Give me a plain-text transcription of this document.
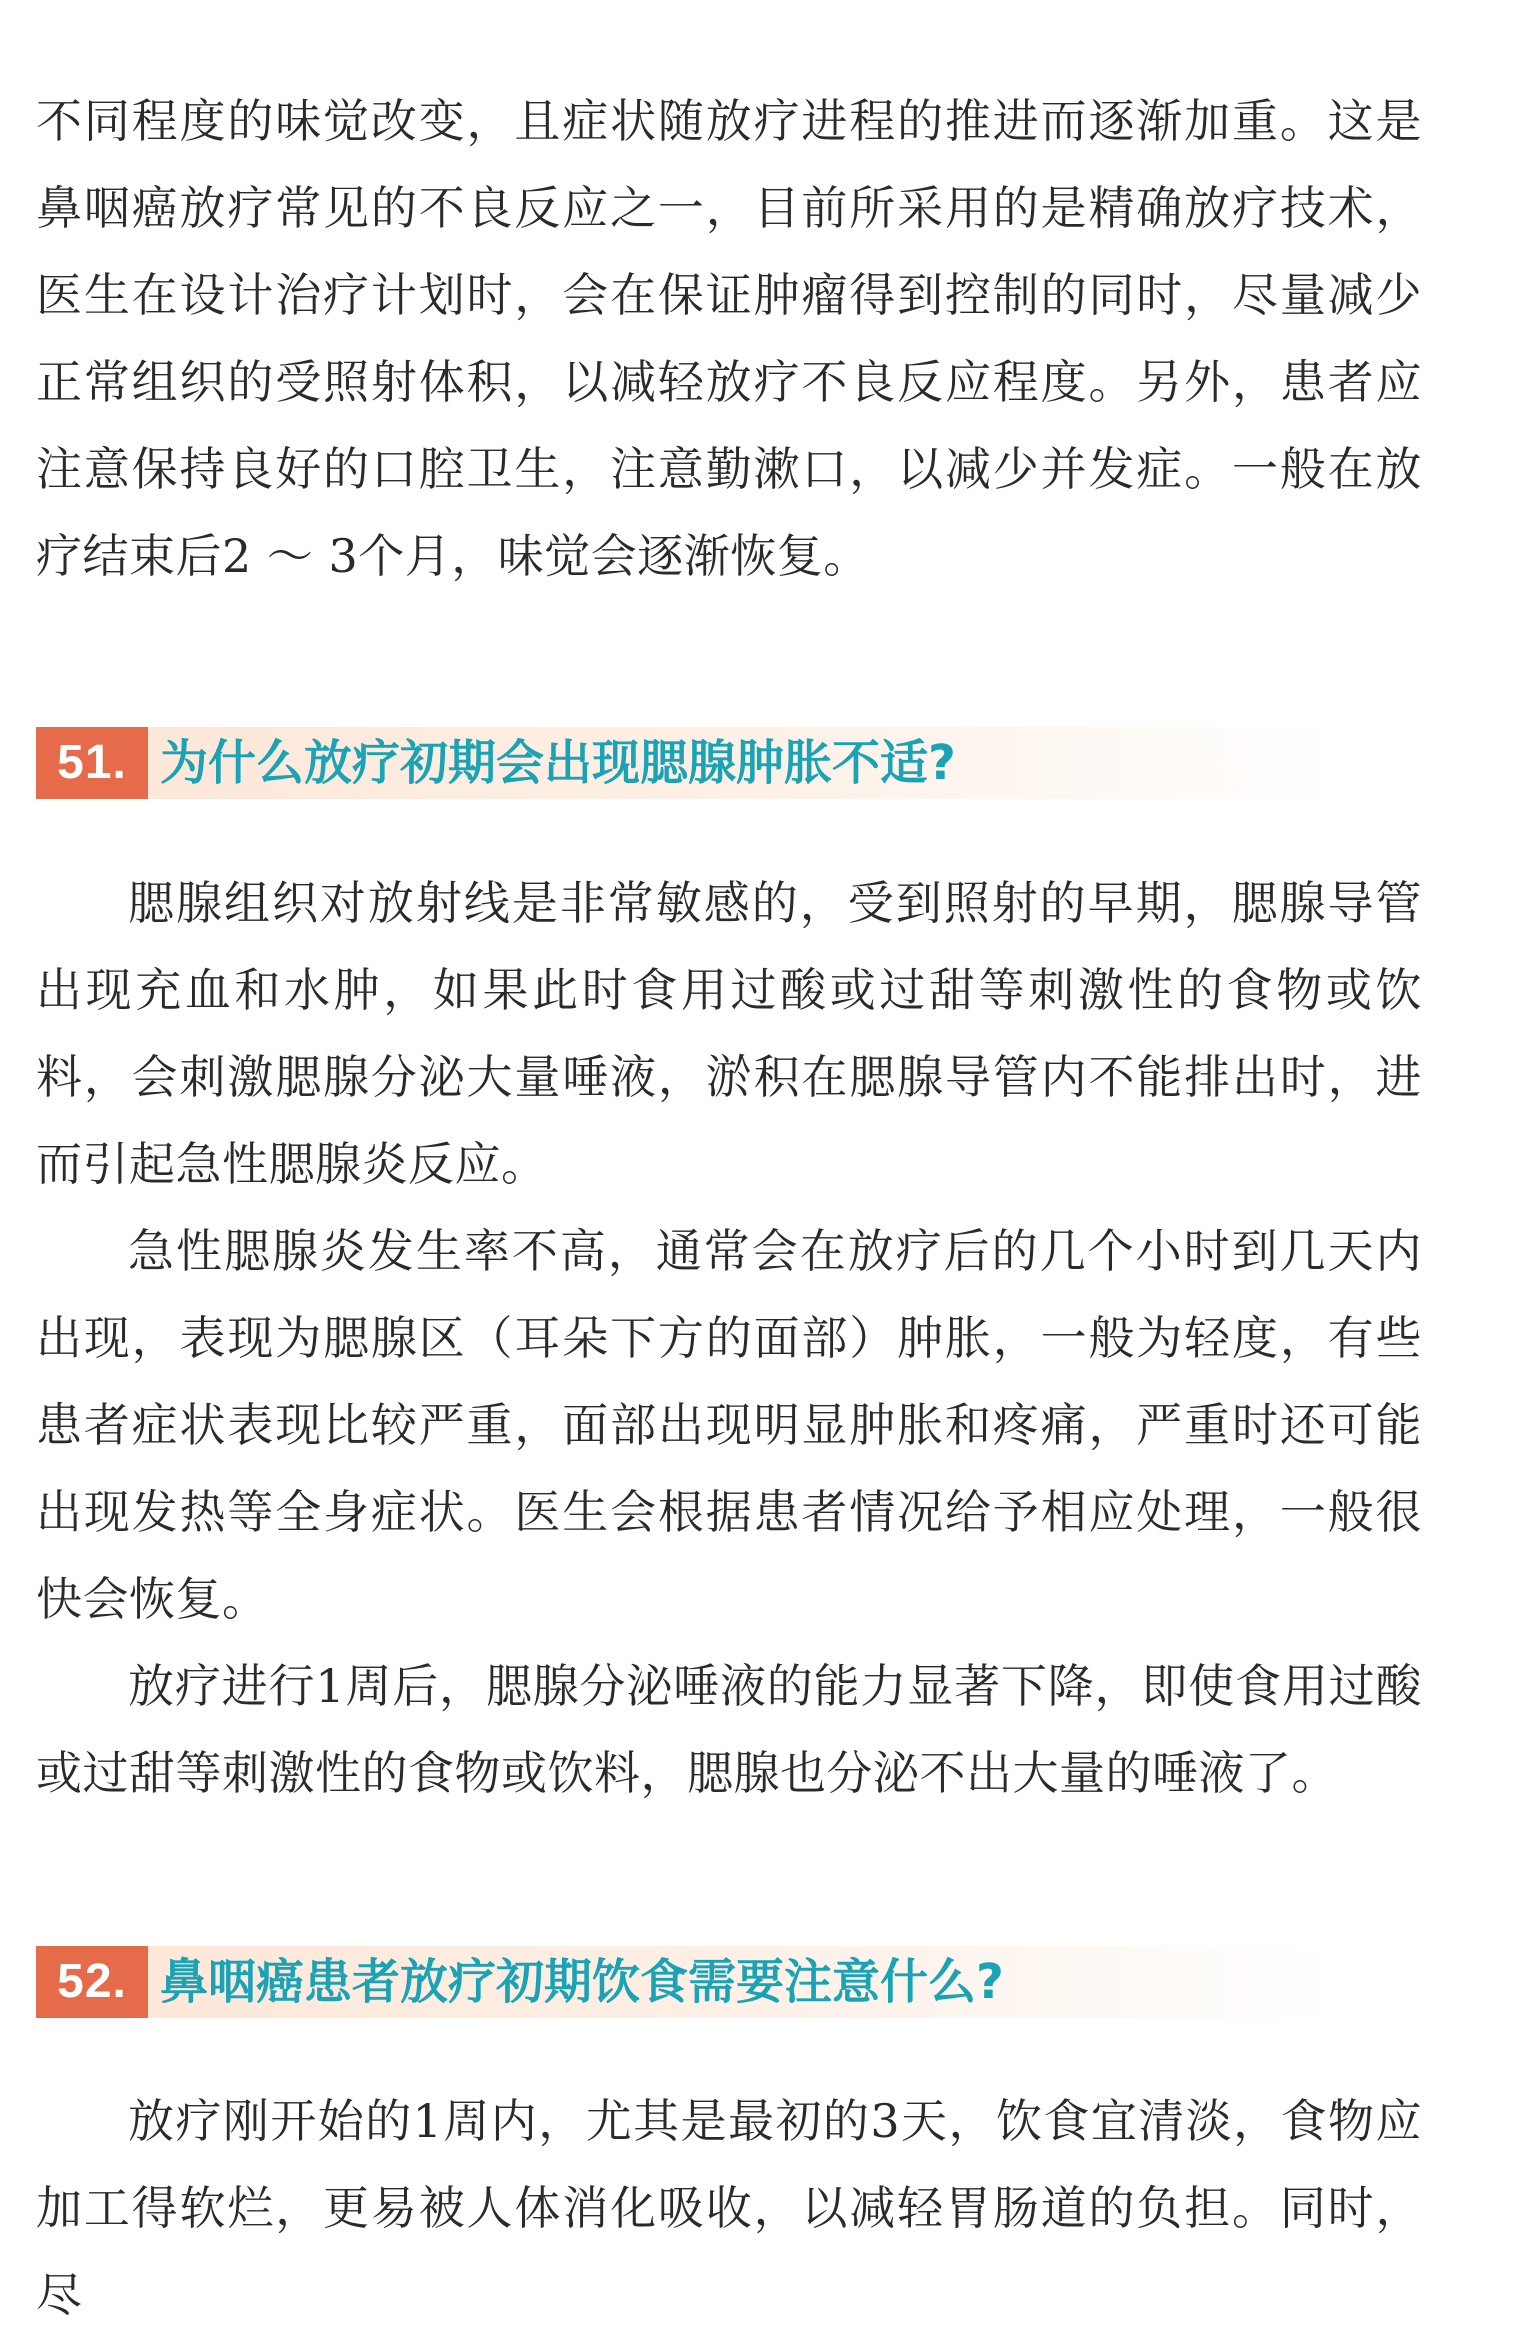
不同程度的味觉改变，且症状随放疗进程的推进而逐渐加重。这是鼻咽癌放疗常见的不良反应之一，目前所采用的是精确放疗技术，医生在设计治疗计划时，会在保证肿瘤得到控制的同时，尽量减少正常组织的受照射体积，以减轻放疗不良反应程度。另外，患者应注意保持良好的口腔卫生，注意勤漱口，以减少并发症。一般在放疗结束后2 ～ 3个月，味觉会逐渐恢复。

51. 为什么放疗初期会出现腮腺肿胀不适?

腮腺组织对放射线是非常敏感的，受到照射的早期，腮腺导管出现充血和水肿，如果此时食用过酸或过甜等刺激性的食物或饮料，会刺激腮腺分泌大量唾液，淤积在腮腺导管内不能排出时，进而引起急性腮腺炎反应。

急性腮腺炎发生率不高，通常会在放疗后的几个小时到几天内出现，表现为腮腺区（耳朵下方的面部）肿胀，一般为轻度，有些患者症状表现比较严重，面部出现明显肿胀和疼痛，严重时还可能出现发热等全身症状。医生会根据患者情况给予相应处理，一般很快会恢复。

放疗进行1周后，腮腺分泌唾液的能力显著下降，即使食用过酸或过甜等刺激性的食物或饮料，腮腺也分泌不出大量的唾液了。

52. 鼻咽癌患者放疗初期饮食需要注意什么?

放疗刚开始的1周内，尤其是最初的3天，饮食宜清淡，食物应加工得软烂，更易被人体消化吸收，以减轻胃肠道的负担。同时，尽
